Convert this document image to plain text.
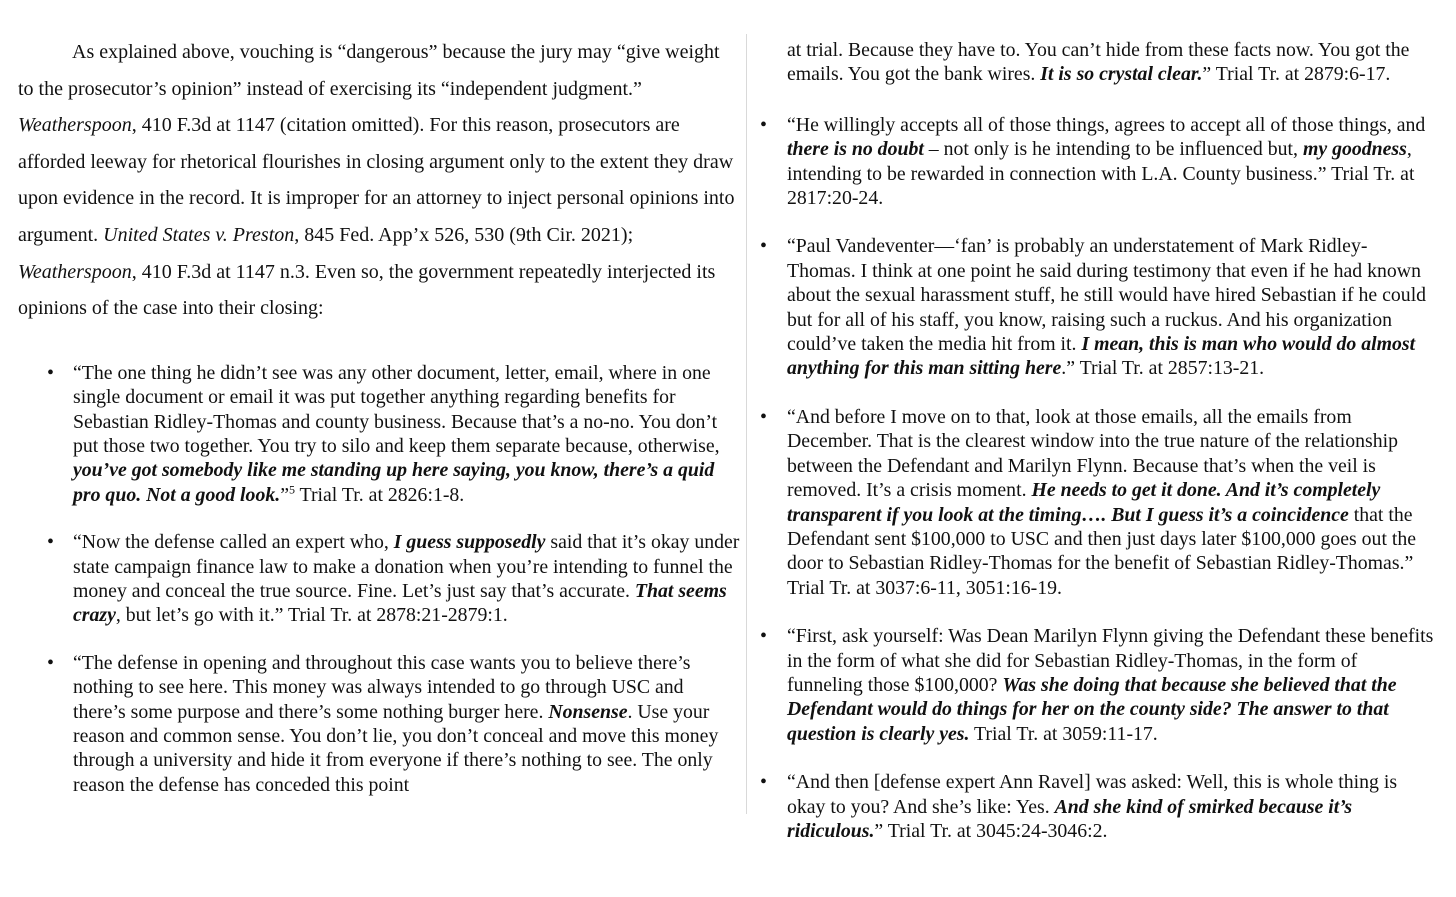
As explained above, vouching is “dangerous” because the jury may “give weight to the prosecutor’s opinion” instead of exercising its “independent judgment.” Weatherspoon, 410 F.3d at 1147 (citation omitted). For this reason, prosecutors are afforded leeway for rhetorical flourishes in closing argument only to the extent they draw upon evidence in the record. It is improper for an attorney to inject personal opinions into argument. United States v. Preston, 845 Fed. App’x 526, 530 (9th Cir. 2021); Weatherspoon, 410 F.3d at 1147 n.3. Even so, the government repeatedly interjected its opinions of the case into their closing:

• “The one thing he didn’t see was any other document, letter, email, where in one single document or email it was put together anything regarding benefits for Sebastian Ridley-Thomas and county business. Because that’s a no-no. You don’t put those two together. You try to silo and keep them separate because, otherwise, you’ve got somebody like me standing up here saying, you know, there’s a quid pro quo. Not a good look.”$^5$ Trial Tr. at 2826:1-8.
• “Now the defense called an expert who, I guess supposedly said that it’s okay under state campaign finance law to make a donation when you’re intending to funnel the money and conceal the true source. Fine. Let’s just say that’s accurate. That seems crazy, but let’s go with it.” Trial Tr. at 2878:21-2879:1.
• “The defense in opening and throughout this case wants you to believe there’s nothing to see here. This money was always intended to go through USC and there’s some purpose and there’s some nothing burger here. Nonsense. Use your reason and common sense. You don’t lie, you don’t conceal and move this money through a university and hide it from everyone if there’s nothing to see. The only reason the defense has conceded this point

at trial. Because they have to. You can’t hide from these facts now. You got the emails. You got the bank wires. It is so crystal clear.” Trial Tr. at 2879:6-17.

• “He willingly accepts all of those things, agrees to accept all of those things, and there is no doubt – not only is he intending to be influenced but, my goodness, intending to be rewarded in connection with L.A. County business.” Trial Tr. at 2817:20-24.
• “Paul Vandeventer—‘fan’ is probably an understatement of Mark Ridley-Thomas. I think at one point he said during testimony that even if he had known about the sexual harassment stuff, he still would have hired Sebastian if he could but for all of his staff, you know, raising such a ruckus. And his organization could’ve taken the media hit from it. I mean, this is man who would do almost anything for this man sitting here.” Trial Tr. at 2857:13-21.
• “And before I move on to that, look at those emails, all the emails from December. That is the clearest window into the true nature of the relationship between the Defendant and Marilyn Flynn. Because that’s when the veil is removed. It’s a crisis moment. He needs to get it done. And it’s completely transparent if you look at the timing…. But I guess it’s a coincidence that the Defendant sent $100,000 to USC and then just days later $100,000 goes out the door to Sebastian Ridley-Thomas for the benefit of Sebastian Ridley-Thomas.” Trial Tr. at 3037:6-11, 3051:16-19.
• “First, ask yourself: Was Dean Marilyn Flynn giving the Defendant these benefits in the form of what she did for Sebastian Ridley-Thomas, in the form of funneling those $100,000? Was she doing that because she believed that the Defendant would do things for her on the county side? The answer to that question is clearly yes. Trial Tr. at 3059:11-17.
• “And then [defense expert Ann Ravel] was asked: Well, this is whole thing is okay to you? And she’s like: Yes. And she kind of smirked because it’s ridiculous.” Trial Tr. at 3045:24-3046:2.
